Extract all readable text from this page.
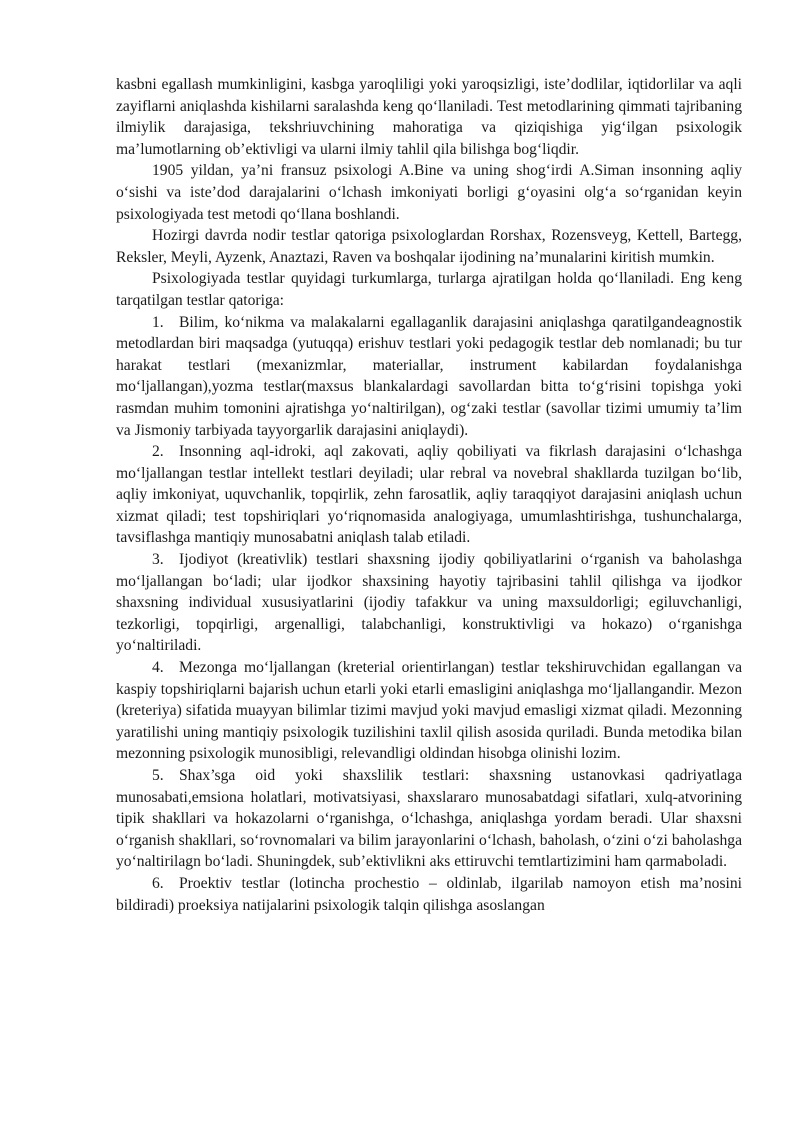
kasbni egallash mumkinligini, kasbga yaroqliligi yoki yaroqsizligi, iste’dodlilar, iqtidorlilar va aqli zayiflarni aniqlashda kishilarni saralashda keng qo‘llaniladi. Test metodlarining qimmati tajribaning ilmiylik darajasiga, tekshriuvchining mahoratiga va qiziqishiga yig‘ilgan psixologik ma’lumotlarning ob’ektivligi va ularni ilmiy tahlil qila bilishga bog‘liqdir.

1905 yildan, ya’ni fransuz psixologi A.Bine va uning shog‘irdi A.Siman insonning aqliy o‘sishi va iste’dod darajalarini o‘lchash imkoniyati borligi g‘oyasini olg‘a so‘rganidan keyin psixologiyada test metodi qo‘llana boshlandi.

Hozirgi davrda nodir testlar qatoriga psixologlardan Rorshax, Rozensveyg, Kettell, Bartegg, Reksler, Meyli, Ayzenk, Anaztazi, Raven va boshqalar ijodining na’munalarini kiritish mumkin.

Psixologiyada testlar quyidagi turkumlarga, turlarga ajratilgan holda qo‘llaniladi. Eng keng tarqatilgan testlar qatoriga:

1. Bilim, ko‘nikma va malakalarni egallaganlik darajasini aniqlashga qaratilgandeagnostik metodlardan biri maqsadga (yutuqqa) erishuv testlari yoki pedagogik testlar deb nomlanadi; bu tur harakat testlari (mexanizmlar, materiallar, instrument kabilardan foydalanishga mo‘ljallangan),yozma testlar(maxsus blankalardagi savollardan bitta to‘g‘risini topishga yoki rasmdan muhim tomonini ajratishga yo‘naltirilgan), og‘zaki testlar (savollar tizimi umumiy ta’lim va Jismoniy tarbiyada tayyorgarlik darajasini aniqlaydi).

2. Insonning aql-idroki, aql zakovati, aqliy qobiliyati va fikrlash darajasini o‘lchashga mo‘ljallangan testlar intellekt testlari deyiladi; ular rebral va novebral shakllarda tuzilgan bo‘lib, aqliy imkoniyat, uquvchanlik, topqirlik, zehn farosatlik, aqliy taraqqiyot darajasini aniqlash uchun xizmat qiladi; test topshiriqlari yo‘riqnomasida analogiyaga, umumlashtirishga, tushunchalarga, tavsiflashga mantiqiy munosabatni aniqlash talab etiladi.

3. Ijodiyot (kreativlik) testlari shaxsning ijodiy qobiliyatlarini o‘rganish va baholashga mo‘ljallangan bo‘ladi; ular ijodkor shaxsining hayotiy tajribasini tahlil qilishga va ijodkor shaxsning individual xususiyatlarini (ijodiy tafakkur va uning maxsuldorligi; egiluvchanligi, tezkorligi, topqirligi, argenalligi, talabchanligi, konstruktivligi va hokazo) o‘rganishga yo‘naltiriladi.

4. Mezonga mo‘ljallangan (kreterial orientirlangan) testlar tekshiruvchidan egallangan va kaspiy topshiriqlarni bajarish uchun etarli yoki etarli emasligini aniqlashga mo‘ljallangandir. Mezon (kreteriya) sifatida muayyan bilimlar tizimi mavjud yoki mavjud emasligi xizmat qiladi. Mezonning yaratilishi uning mantiqiy psixologik tuzilishini taxlil qilish asosida quriladi. Bunda metodika bilan mezonning psixologik munosibligi, relevandligi oldindan hisobga olinishi lozim.

5. Shax’sga oid yoki shaxslilik testlari: shaxsning ustanovkasi qadriyatlaga munosabati,emsiona holatlari, motivatsiyasi, shaxslararo munosabatdagi sifatlari, xulq-atvorining tipik shakllari va hokazolarni o‘rganishga, o‘lchashga, aniqlashga yordam beradi. Ular shaxsni o‘rganish shakllari, so‘rovnomalari va bilim jarayonlarini o‘lchash, baholash, o‘zini o‘zi baholashga yo‘naltirilagn bo‘ladi. Shuningdek, sub’ektivlikni aks ettiruvchi temtlartizimini ham qarmaboladi.

6. Proektiv testlar (lotincha prochestio – oldinlab, ilgarilab namoyon etish ma’nosini bildiradi) proeksiya natijalarini psixologik talqin qilishga asoslangan
